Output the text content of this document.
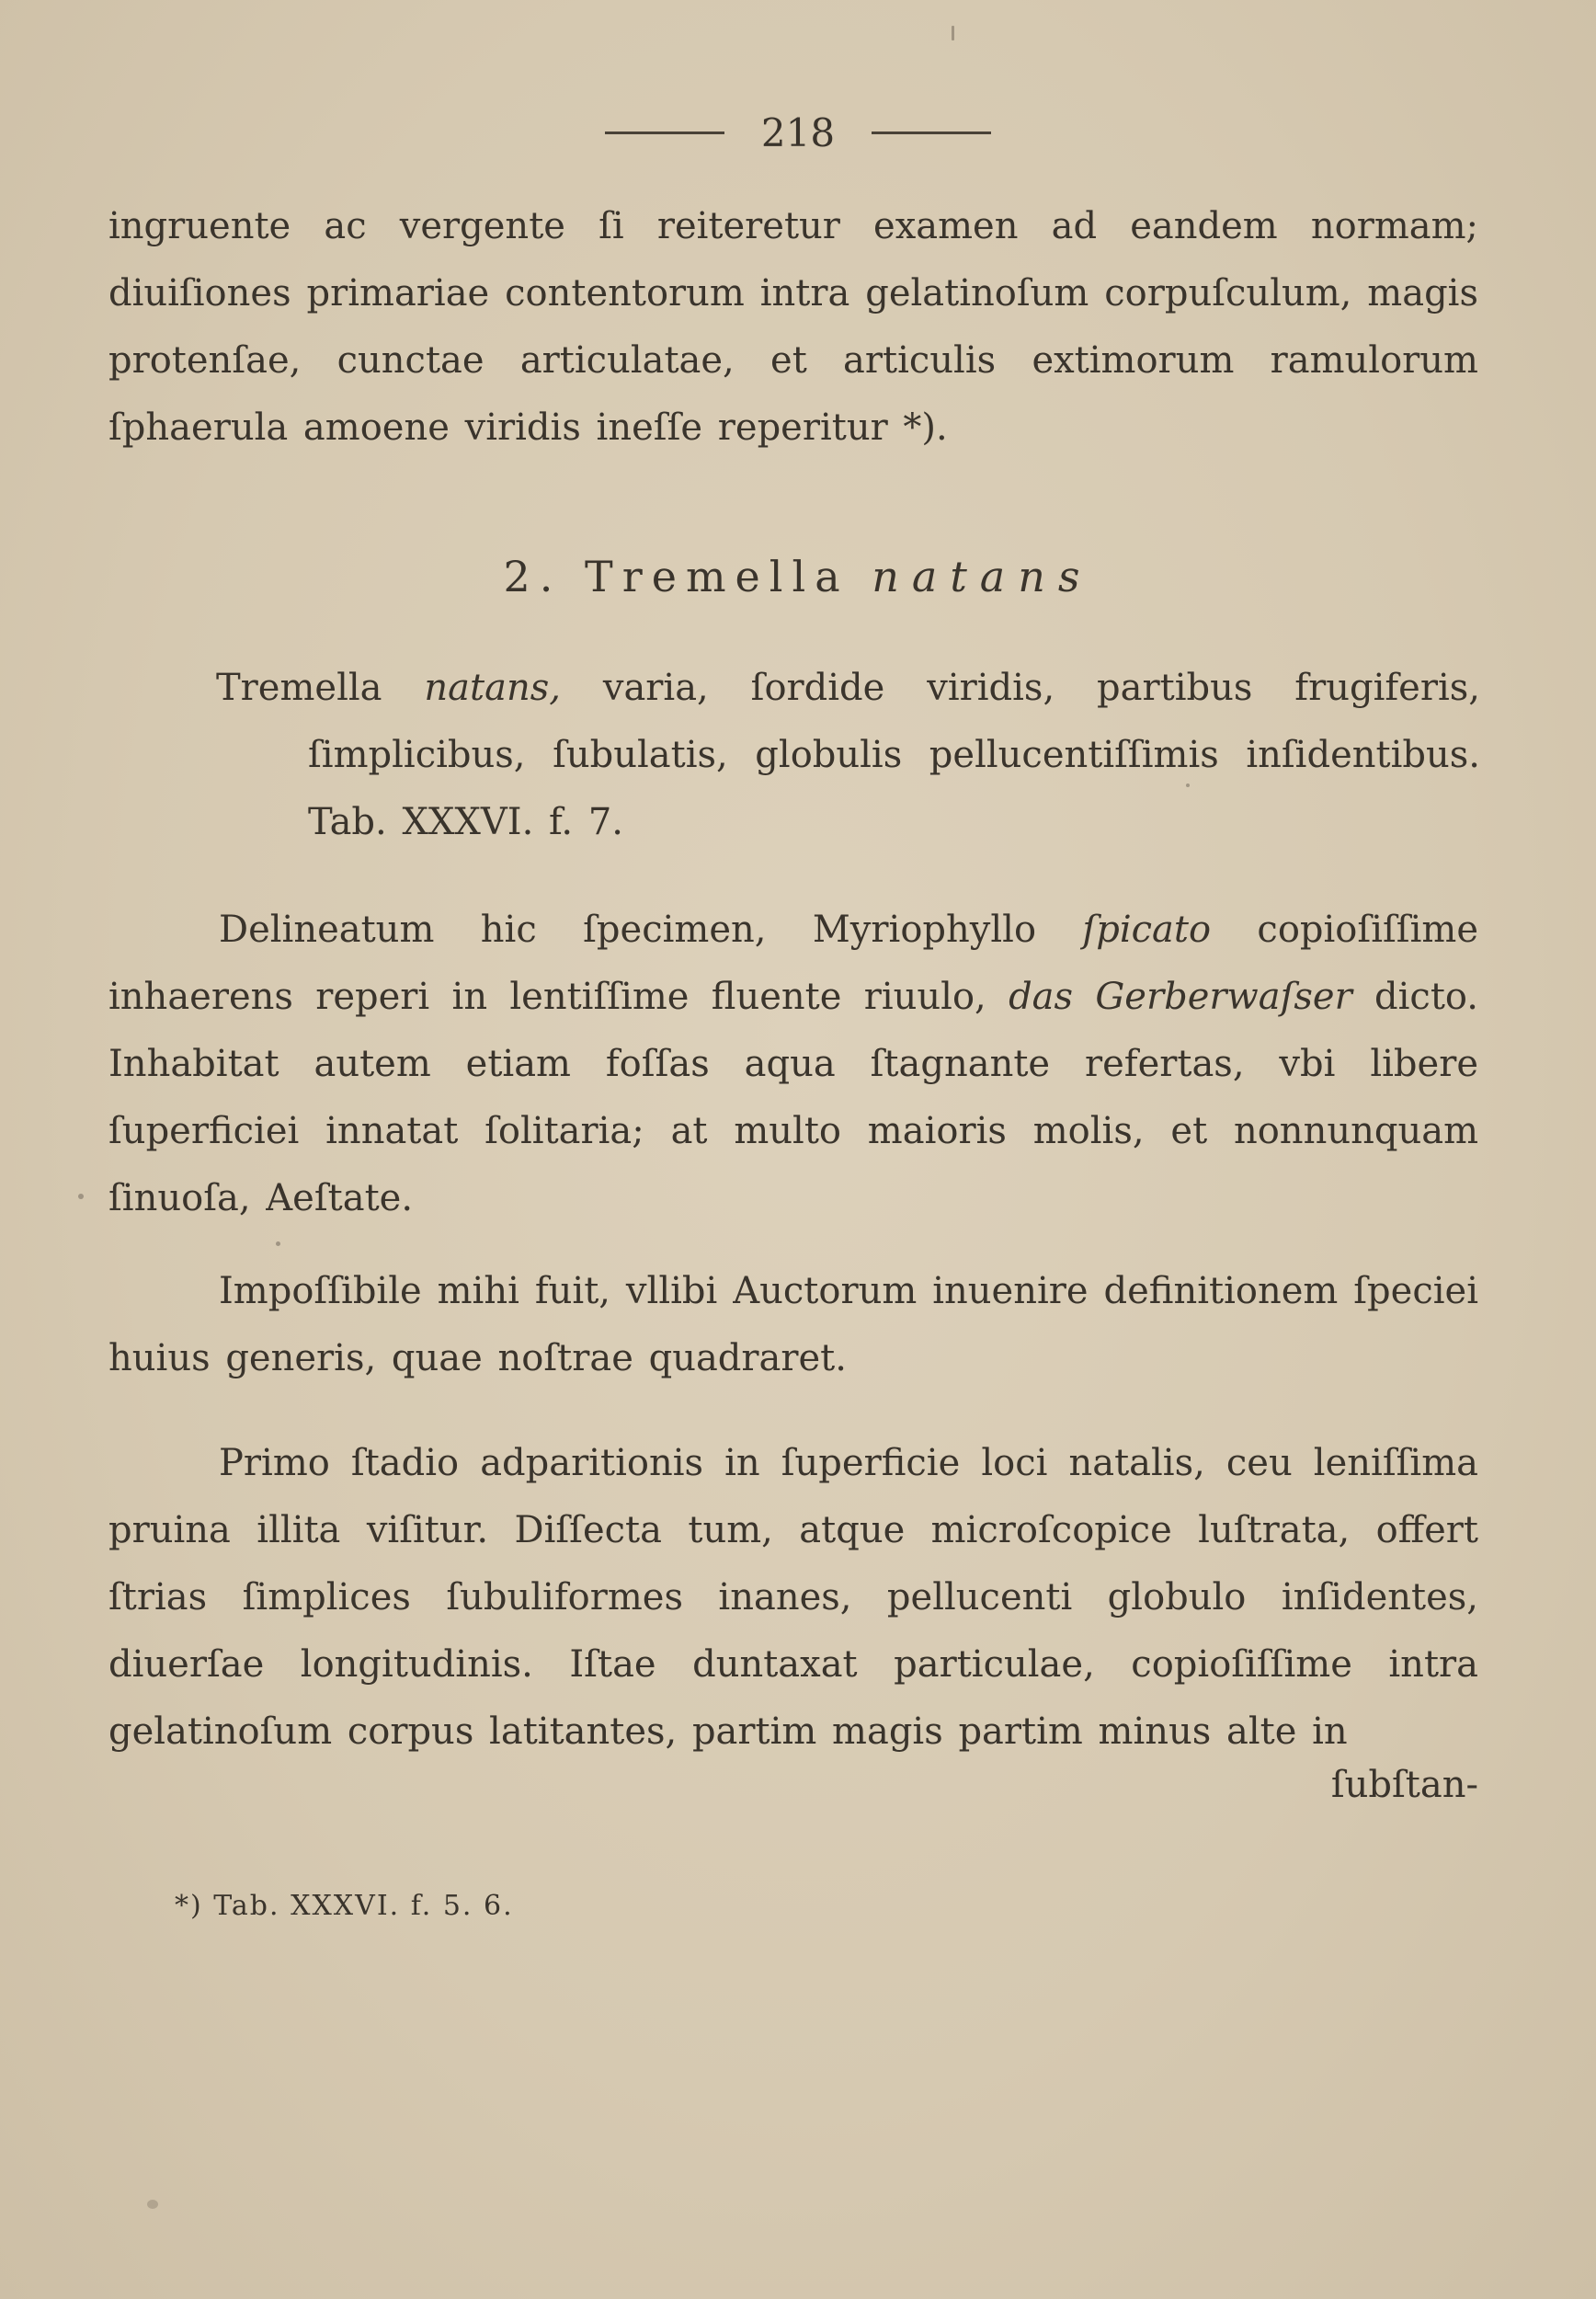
218

ingruente ac vergente ſi reiteretur examen ad eandem normam; diuiſiones primariae contentorum intra gelatinoſum corpuſculum, magis protenſae, cunctae articulatae, et articulis extimorum ramulorum ſphaerula amoene viridis ineſſe reperitur *).

2. Tremella natans

Tremella natans, varia, ſordide viridis, partibus frugiferis, ſimplicibus, ſubulatis, globulis pellucentiſſimis inſidentibus. Tab. XXXVI. f. 7.

Delineatum hic ſpecimen, Myriophyllo ſpicato copioſiſſime inhaerens reperi in lentiſſime fluente riuulo, das Gerberwaſser dicto. Inhabitat autem etiam foſſas aqua ſtagnante refertas, vbi libere ſuperficiei innatat ſolitaria; at multo maioris molis, et nonnunquam ſinuoſa, Aeſtate.

Impoſſibile mihi fuit, vllibi Auctorum inuenire definitionem ſpeciei huius generis, quae noſtrae quadraret.

Primo ſtadio adparitionis in ſuperficie loci natalis, ceu leniſſima pruina illita viſitur. Diſſecta tum, atque microſcopice luſtrata, offert ſtrias ſimplices ſubuliformes inanes, pellucenti globulo inſidentes, diuerſae longitudinis. Iſtae duntaxat particulae, copioſiſſime intra gelatinoſum corpus latitantes, partim magis partim minus alte in

ſubſtan-
*) Tab. XXXVI. f. 5. 6.
